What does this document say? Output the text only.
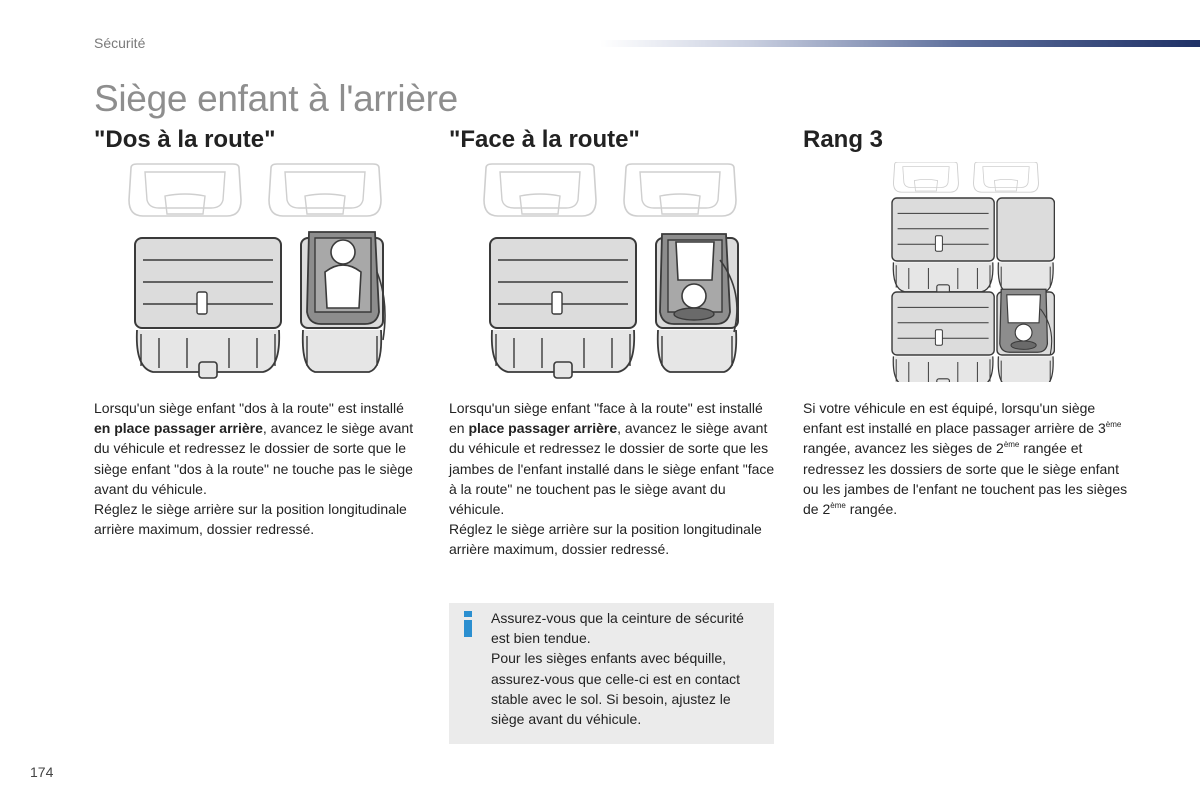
Sécurité
Siège enfant à l'arrière
"Dos à la route"

Lorsqu'un siège enfant "dos à la route" est installé en place passager arrière, avancez le siège avant du véhicule et redressez le dossier de sorte que le siège enfant "dos à la route" ne touche pas le siège avant du véhicule.
Réglez le siège arrière sur la position longitudinale arrière maximum, dossier redressé.

"Face à la route"

Lorsqu'un siège enfant "face à la route" est installé en place passager arrière, avancez le siège avant du véhicule et redressez le dossier de sorte que les jambes de l'enfant installé dans le siège enfant "face à la route" ne touchent pas le siège avant du véhicule.
Réglez le siège arrière sur la position longitudinale arrière maximum, dossier redressé.

Rang 3

Si votre véhicule en est équipé, lorsqu'un siège enfant est installé en place passager arrière de 3ème rangée, avancez les sièges de 2ème rangée et redressez les dossiers de sorte que le siège enfant ou les jambes de l'enfant ne touchent pas les sièges de 2ème rangée.

Assurez-vous que la ceinture de sécurité est bien tendue.
Pour les sièges enfants avec béquille, assurez-vous que celle-ci est en contact stable avec le sol. Si besoin, ajustez le siège avant du véhicule.

174
